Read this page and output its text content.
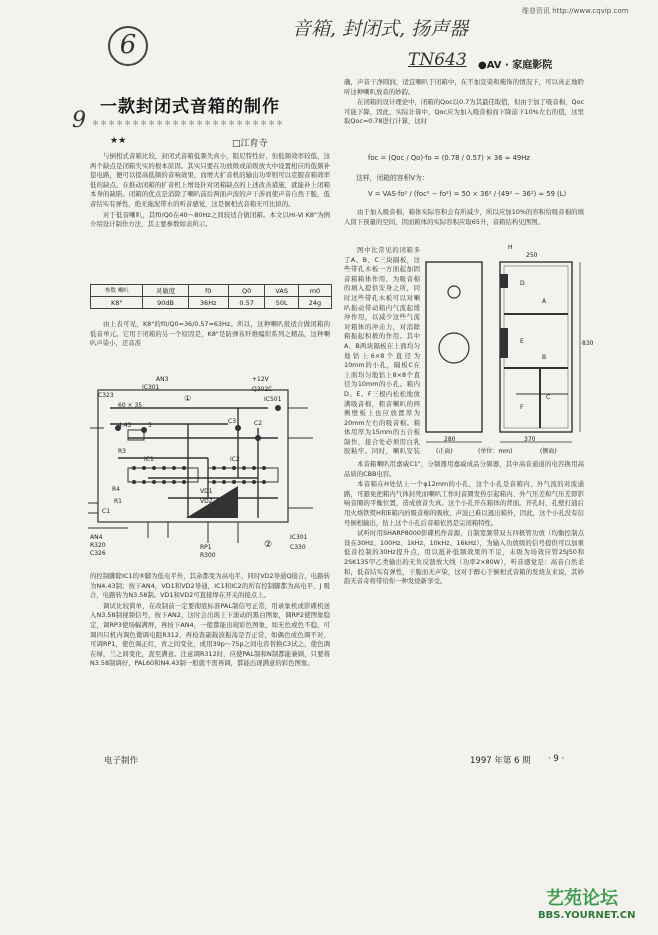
维普资讯 http://www.cqvip.com
6
音箱, 封闭式, 扬声器
TN643
9
●AV · 家庭影院
一款封闭式音箱的制作
＊＊＊＊＊＊＊＊＊＊＊＊＊＊＊＊＊＊＊＊＊＊＊＊
★★	□江育寺

与倒相式音箱比较，封闭式音箱低频失真小，阻尼特性好，但低频效率较低，这两个缺点是闭箱失实的根本原因。其实只要在功放级或前级放大中设置相应的低频补偿电路，便可以提高低频的音响效果，而增大扩音机的输出功率则可以克服音箱效率低的缺点。在推动闭箱的扩音机上增设针对闭箱缺点的上述改善措施，就能补上闭箱本身的缺陷。闭箱的优点是消除了喇叭前后两面声波的声干涉而使声音自然干脆，低音结实有弹性，绝无拖泥带水的听音感觉，这是倒相式音箱无可比拟的。

对于低音喇叭，其f0/Q0在40～80Hz之间较适合做闭箱。本文以Hi-Vi K8"为例介绍设计制作方法，其主要参数如表所示。

参数 喇叭	灵敏度	f0	Q0	VAS	m0
K8"	90dB	36Hz	0.57	50L	24g

由上表可见，K8"的f0/Q0=36/0.57≈63Hz。所以，这种喇叭很适合做闭箱的低音单元。它用于闭箱的另一个原因是，K8"是防弹布纤维编织系列之精品，这种喇叭声染小，还音准

AN3	+12V
IC301	Q302C
IC501
C323
C3	C2
4.43	5
R3
IC1	IC2
R4	VD1
VD2
R1
C1
AN4
R320
C326
RP1
R300
IC301
C330
60 × 35
①
②

的控制脚除IC1的⑤脚为低电平外，其余都变为高电平，同时VD2导通Q接合，电路转为N4.43制；按下AN4，VD1和VD2导通，IC1和IC2的所有控制脚都为高电平，J 吸合，电路转为N3.58制。VD1和VD2可直接焊在开关的接点上。

调试比较简单，在改制前一定要彻底标准PAL制信号正常，用录象机或影碟机送入N3.58制视频信号，按下AN2，这时会出现上下滚动的黑白图象，调RP2使图象稳定，调RP3使场幅满屏，再按下AN4，一般都能出现彩色图象，如无色或色不稳，可调四只机内调色微调电阻R312，再检查副载波振荡是否正常，如偶色或色调不对，可调RP1，使色调正红，青之间变化，或用39p～75p之间电容替换C3试之，使色调在绿，兰之间变化，直至满意。注意调R312时，应使PAL制和N制都能兼顾，只要将N3.58制调好，PAL60和N4.43制一般就不需再调，都能出现满意的彩色图象。

确，声音干净圆润，适宜喇叭于闭箱中，在不加宣染和掩饰的情况下，可以真正地聆听这种喇叭放音的妙韵。

在闭箱的设计理论中，闭箱的Qoc以0.7为其最佳取值，但由于加了吸音棉，Qoc可能下降，因此，实际计算中，Qoc应为加入吸音棉而下降前下10%左右的值，这里取Qoc=0.78进行计算，这时

foc = (Qoc / Qo)·fo = (0.78 / 0.57) × 36 ≈ 49Hz
这样，闭箱的容积V为：
V = VAS·fo² / (foc² − fo²) = 50 × 36² / (49² − 36²) ≈ 59 (L)

由于加入吸音棉，箱体实际容积会有所减少，所以应加10%的容积给吸音棉的填入留下预量的空间，因而箱体的实际容积应取65升，音箱结构见图图。

A
B
C
D
E
F
H
830
280	370
250
(正面)	(单位：mm)	(侧面)

图中比常见的闭箱多了A、B、C三块隔板，这些带孔木板一方面起加固音箱箱体作用，为吸音棉的填入提供安身之所，同时这些带孔木板可以对喇叭振动带动箱内气流起缓冲作用，以减少这些气流对箱体的冲击力，对消除箱振起积极的作用。其中A、B两块隔板在上面均匀地钻上6×8个直径为10mm的小孔，隔板C在上面均匀地钻上8×8个直径为10mm的小孔。箱内D、E、F三根内松松地放满吸音棉，粗音喇叭的两侧壁板上也应放置厚为20mm左右的吸音棉。箱体用厚为15mm的五合板制作，接合处必须用白乳胶粘牢。同时，喇叭安装

本音箱喇叭用嘉威C1"，分频器用嘉威成品分频器，其中高音通道的电容换用高品质的CBB电容。

本音箱在H处钻上一个φ12mm的小孔，这个小孔是音箱内、外气流的对流通路，可避免把箱内气体封死而喇叭工作时音圈发热引起箱内、外气压差和气压差即影响音圈的平衡位置，造成放音失真。这个小孔开在箱体的背面。开孔时，孔壁打通后用火烙铁熨H和E箱内的吸音棉的吸收，声波已难以逃出箱外，因此，这个小孔没有信号倒相输出，钻上这个小孔后音箱依然是完闭箱特性。

试听时用SHARP8000影碟机作音源，自制宽频带双五四极管功放（均衡控制点设在30Hz、100Hz、1kHz、10kHz、16kHz），为输入功放级的信号提供可以加重低音控制的30Hz提升点，用以抵补低频效果的不足，末级为场效应管2SJ50和2SK135甲乙类输出的无负反馈放大线（功率2×80W），听音感觉是：高音自然柔和，低音结实有弹性，干脆而无声染，这对于醉心于倒相式音箱的发烧友来说，其妙韵无音奇将带给你一种发烧新享受。

电子制作	1997 年第 6 期 · 9 ·
艺苑论坛
BBS.YOURNET.CN
